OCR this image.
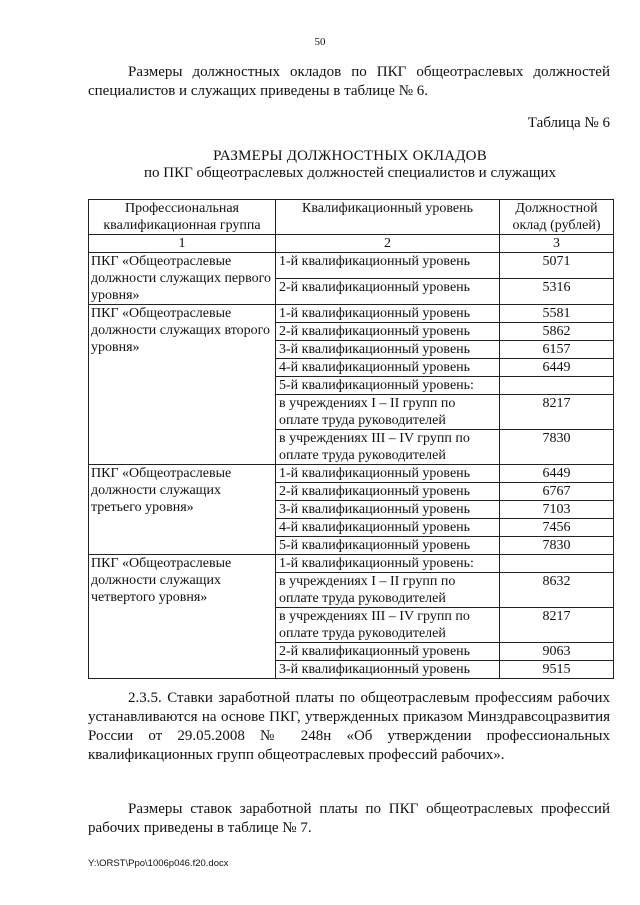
50
Размеры должностных окладов по ПКГ общеотраслевых должностей специалистов и служащих приведены в таблице № 6.
Таблица № 6
РАЗМЕРЫ ДОЛЖНОСТНЫХ ОКЛАДОВ
по ПКГ общеотраслевых должностей специалистов и служащих
Профессиональная квалификационная группа	Квалификационный уровень	Должностной оклад (рублей)
1	2	3
ПКГ «Общеотраслевые должности служащих первого уровня»	1-й квалификационный уровень	5071
	2-й квалификационный уровень	5316
ПКГ «Общеотраслевые должности служащих второго уровня»	1-й квалификационный уровень	5581
	2-й квалификационный уровень	5862
	3-й квалификационный уровень	6157
	4-й квалификационный уровень	6449
	5-й квалификационный уровень:	
	в учреждениях I – II групп по оплате труда руководителей	8217
	в учреждениях III – IV групп по оплате труда руководителей	7830
ПКГ «Общеотраслевые должности служащих третьего уровня»	1-й квалификационный уровень	6449
	2-й квалификационный уровень	6767
	3-й квалификационный уровень	7103
	4-й квалификационный уровень	7456
	5-й квалификационный уровень	7830
ПКГ «Общеотраслевые должности служащих четвертого уровня»	1-й квалификационный уровень:	
	в учреждениях I – II групп по оплате труда руководителей	8632
	в учреждениях III – IV групп по оплате труда руководителей	8217
	2-й квалификационный уровень	9063
	3-й квалификационный уровень	9515
2.3.5. Ставки заработной платы по общеотраслевым профессиям рабочих устанавливаются на основе ПКГ, утвержденных приказом Минздравсоцразвития России от 29.05.2008 № 248н «Об утверждении профессиональных квалификационных групп общеотраслевых профессий рабочих».
Размеры ставок заработной платы по ПКГ общеотраслевых профессий рабочих приведены в таблице № 7.
Y:\ORST\Ppo\1006p046.f20.docx
